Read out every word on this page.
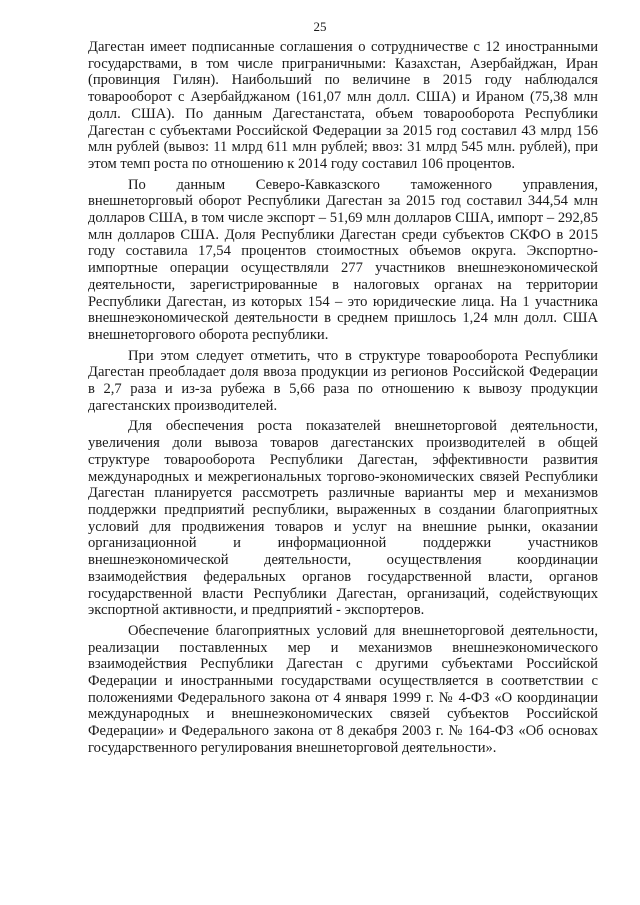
25

Дагестан имеет подписанные соглашения о сотрудничестве с 12 иностранными государствами, в том числе приграничными: Казахстан, Азербайджан, Иран (провинция Гилян). Наибольший по величине в 2015 году наблюдался товарооборот с Азербайджаном (161,07 млн долл. США) и Ираном (75,38 млн долл. США). По данным Дагестанстата, объем товарооборота Республики Дагестан с субъектами Российской Федерации за 2015 год составил 43 млрд 156 млн рублей (вывоз: 11 млрд 611 млн рублей; ввоз: 31 млрд 545 млн. рублей), при этом темп роста по отношению к 2014 году составил 106 процентов.

По данным Северо-Кавказского таможенного управления, внешнеторговый оборот Республики Дагестан за 2015 год составил 344,54 млн долларов США, в том числе экспорт – 51,69 млн долларов США, импорт – 292,85 млн долларов США. Доля Республики Дагестан среди субъектов СКФО в 2015 году составила 17,54 процентов стоимостных объемов округа. Экспортно-импортные операции осуществляли 277 участников внешнеэкономической деятельности, зарегистрированные в налоговых органах на территории Республики Дагестан, из которых 154 – это юридические лица. На 1 участника внешнеэкономической деятельности в среднем пришлось 1,24 млн долл. США внешнеторгового оборота республики.

При этом следует отметить, что в структуре товарооборота Республики Дагестан преобладает доля ввоза продукции из регионов Российской Федерации в 2,7 раза и из-за рубежа в 5,66 раза по отношению к вывозу продукции дагестанских производителей.

Для обеспечения роста показателей внешнеторговой деятельности, увеличения доли вывоза товаров дагестанских производителей в общей структуре товарооборота Республики Дагестан, эффективности развития международных и межрегиональных торгово-экономических связей Республики Дагестан планируется рассмотреть различные варианты мер и механизмов поддержки предприятий республики, выраженных в создании благоприятных условий для продвижения товаров и услуг на внешние рынки, оказании организационной и информационной поддержки участников внешнеэкономической деятельности, осуществления координации взаимодействия федеральных органов государственной власти, органов государственной власти Республики Дагестан, организаций, содействующих экспортной активности, и предприятий - экспортеров.

Обеспечение благоприятных условий для внешнеторговой деятельности, реализации поставленных мер и механизмов внешнеэкономического взаимодействия Республики Дагестан с другими субъектами Российской Федерации и иностранными государствами осуществляется в соответствии с положениями Федерального закона от 4 января 1999 г. № 4-ФЗ «О координации международных и внешнеэкономических связей субъектов Российской Федерации» и Федерального закона от 8 декабря 2003 г. № 164-ФЗ «Об основах государственного регулирования внешнеторговой деятельности».
